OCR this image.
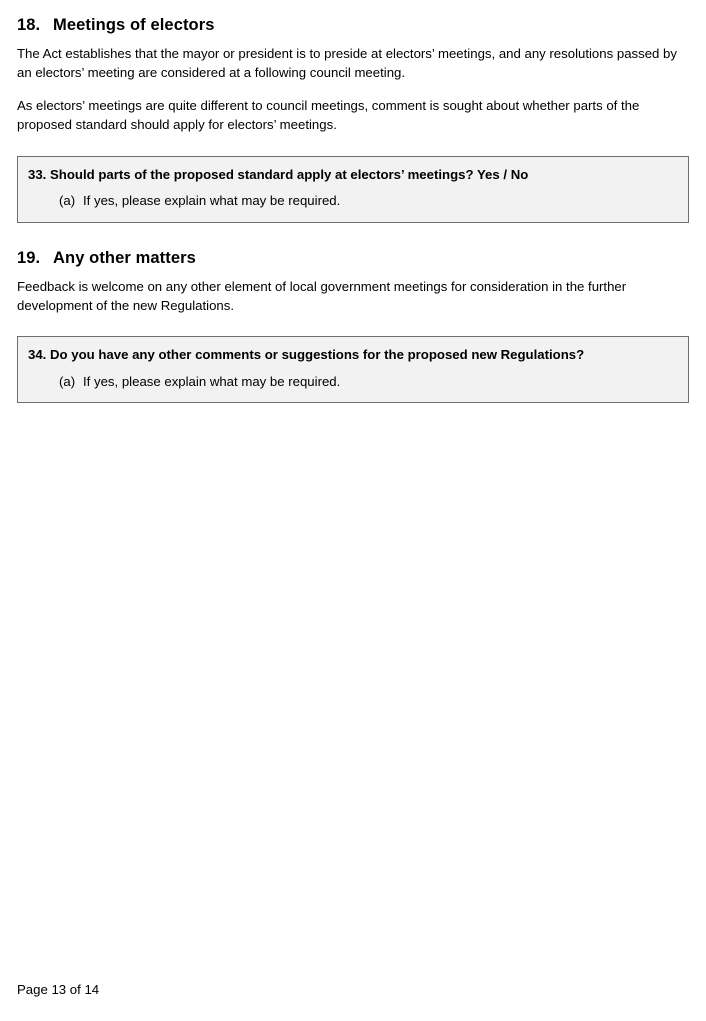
18. Meetings of electors

The Act establishes that the mayor or president is to preside at electors’ meetings, and any resolutions passed by an electors’ meeting are considered at a following council meeting.

As electors’ meetings are quite different to council meetings, comment is sought about whether parts of the proposed standard should apply for electors’ meetings.

33. Should parts of the proposed standard apply at electors’ meetings? Yes / No

(a) If yes, please explain what may be required.
19. Any other matters

Feedback is welcome on any other element of local government meetings for consideration in the further development of the new Regulations.

34. Do you have any other comments or suggestions for the proposed new Regulations?

(a) If yes, please explain what may be required.
Page 13 of 14
